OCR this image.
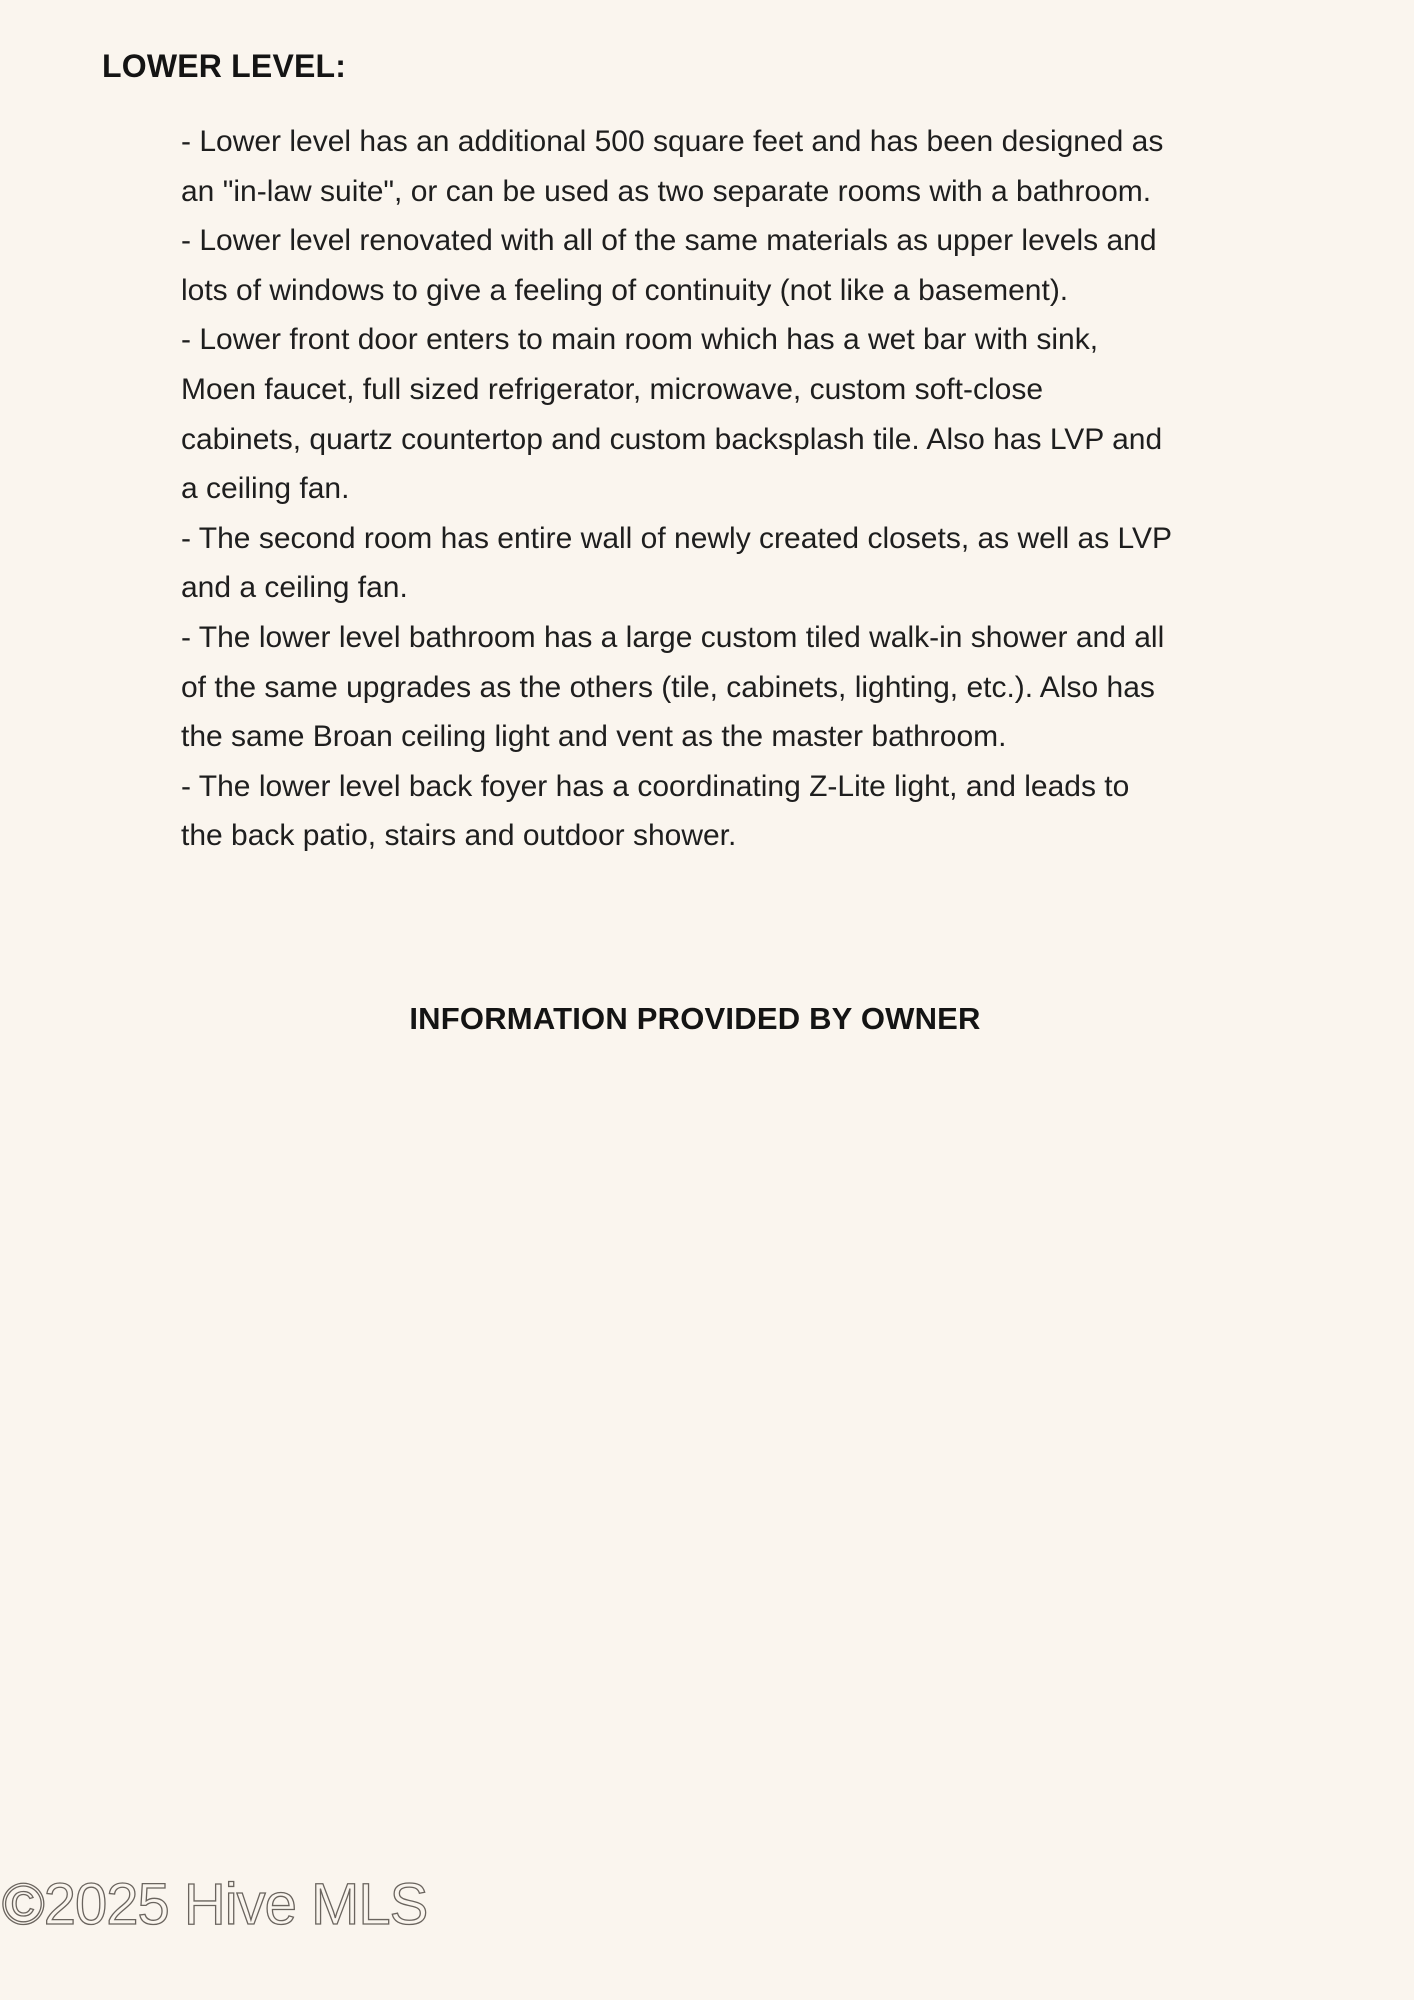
LOWER LEVEL:
- Lower level has an additional 500 square feet and has been designed as
an "in-law suite", or can be used as two separate rooms with a bathroom.
- Lower level renovated with all of the same materials as upper levels and
lots of windows to give a feeling of continuity (not like a basement).
- Lower front door enters to main room which has a wet bar with sink,
Moen faucet, full sized refrigerator, microwave, custom soft-close
cabinets, quartz countertop and custom backsplash tile. Also has LVP and
a ceiling fan.
- The second room has entire wall of newly created closets, as well as LVP
and a ceiling fan.
- The lower level bathroom has a large custom tiled walk-in shower and all
of the same upgrades as the others (tile, cabinets, lighting, etc.). Also has
the same Broan ceiling light and vent as the master bathroom.
- The lower level back foyer has a coordinating Z-Lite light, and leads to
the back patio, stairs and outdoor shower.
INFORMATION PROVIDED BY OWNER
©2025 Hive MLS
